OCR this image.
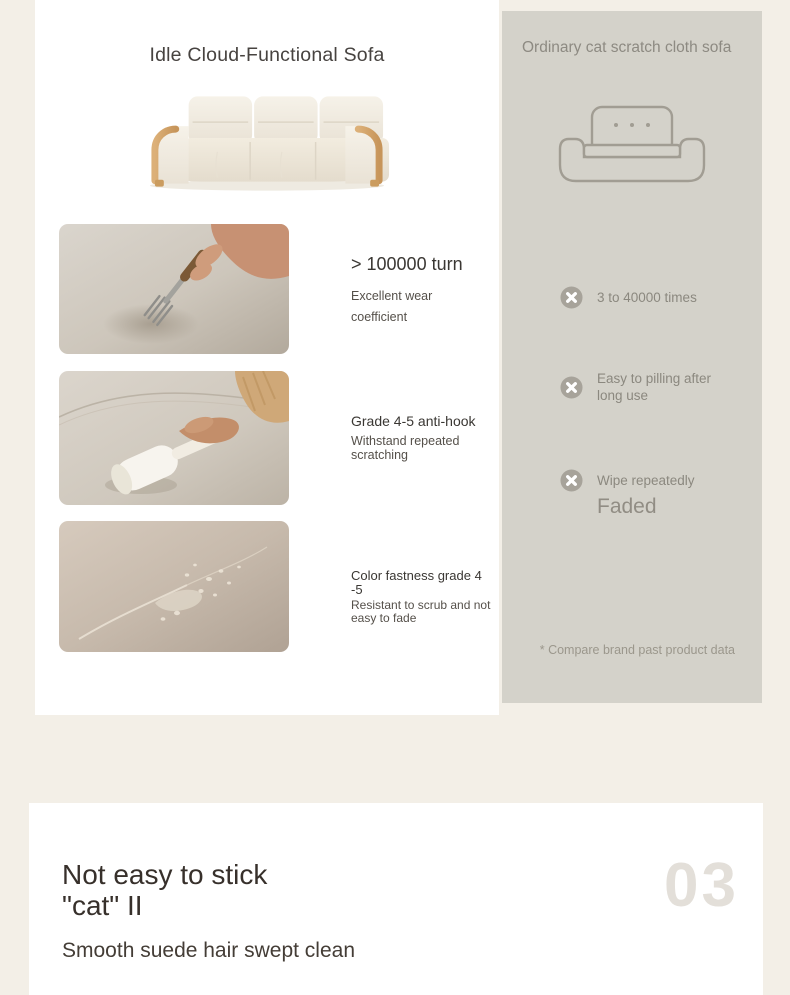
Idle Cloud-Functional Sofa
> 100000 turn
Excellent wear coefficient
Grade 4-5 anti-hook
Withstand repeated scratching
Color fastness grade 4 -5
Resistant to scrub and not easy to fade
Ordinary cat scratch cloth sofa
3 to 40000 times
Easy to pilling after long use
Wipe repeatedly
Faded
* Compare brand past product data
Not easy to stick
"cat" II	03
Smooth suede hair swept clean
